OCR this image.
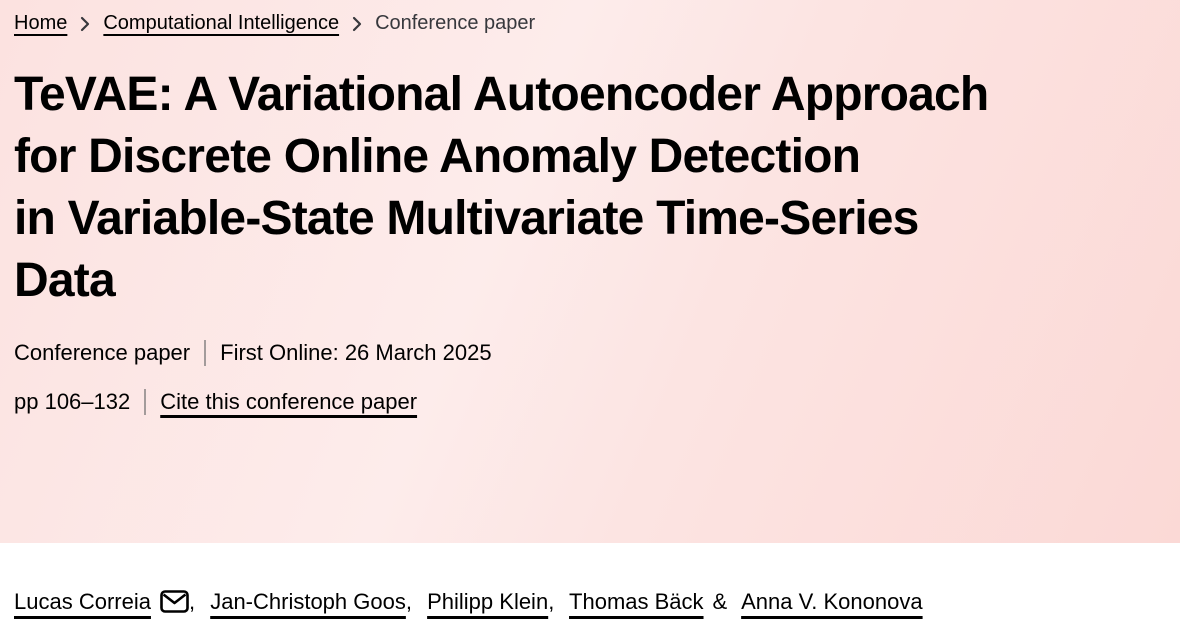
Home Computational Intelligence Conference paper
TeVAE: A Variational Autoencoder Approach
for Discrete Online Anomaly Detection
in Variable-State Multivariate Time-Series
Data
Conference paper First Online: 26 March 2025
pp 106–132 Cite this conference paper
Lucas Correia , Jan-Christoph Goos, Philipp Klein, Thomas Bäck & Anna V. Kononova
